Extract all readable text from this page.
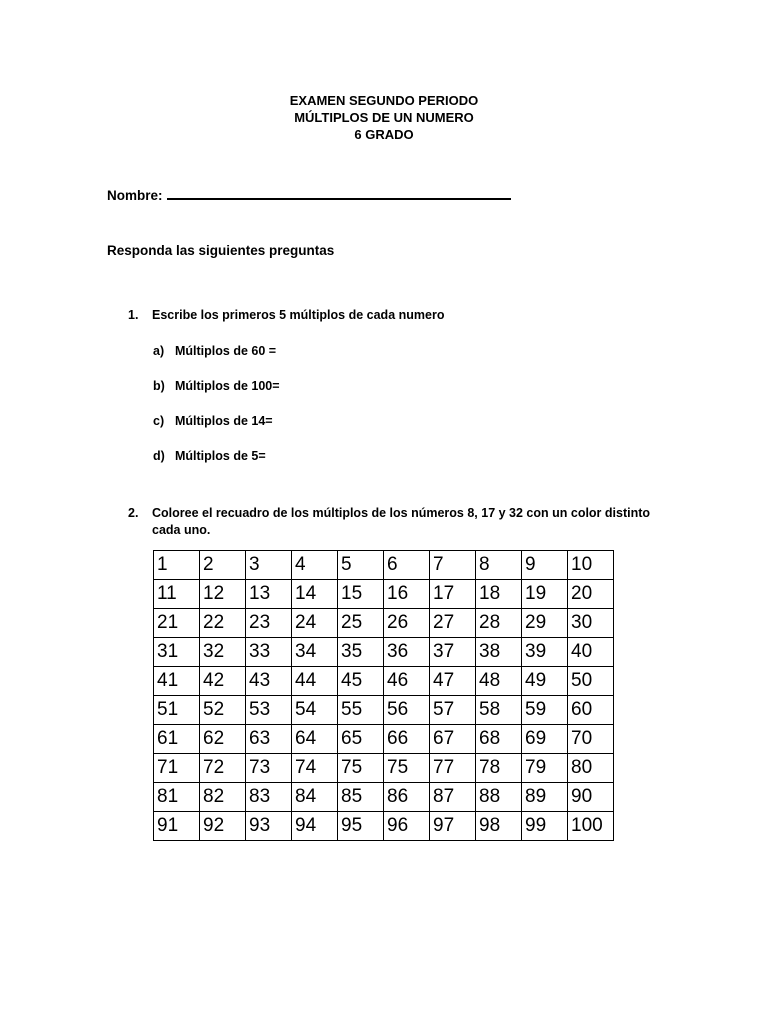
EXAMEN SEGUNDO PERIODO
MÚLTIPLOS DE UN NUMERO
6 GRADO
Nombre:
Responda las siguientes preguntas
1. Escribe los primeros 5 múltiplos de cada numero
a) Múltiplos de 60 =
b) Múltiplos de 100=
c) Múltiplos de 14=
d) Múltiplos de 5=
2. Coloree el recuadro de los múltiplos de los números 8, 17 y 32 con un color distinto cada uno.
1	2	3	4	5	6	7	8	9	10
11	12	13	14	15	16	17	18	19	20
21	22	23	24	25	26	27	28	29	30
31	32	33	34	35	36	37	38	39	40
41	42	43	44	45	46	47	48	49	50
51	52	53	54	55	56	57	58	59	60
61	62	63	64	65	66	67	68	69	70
71	72	73	74	75	75	77	78	79	80
81	82	83	84	85	86	87	88	89	90
91	92	93	94	95	96	97	98	99	100
